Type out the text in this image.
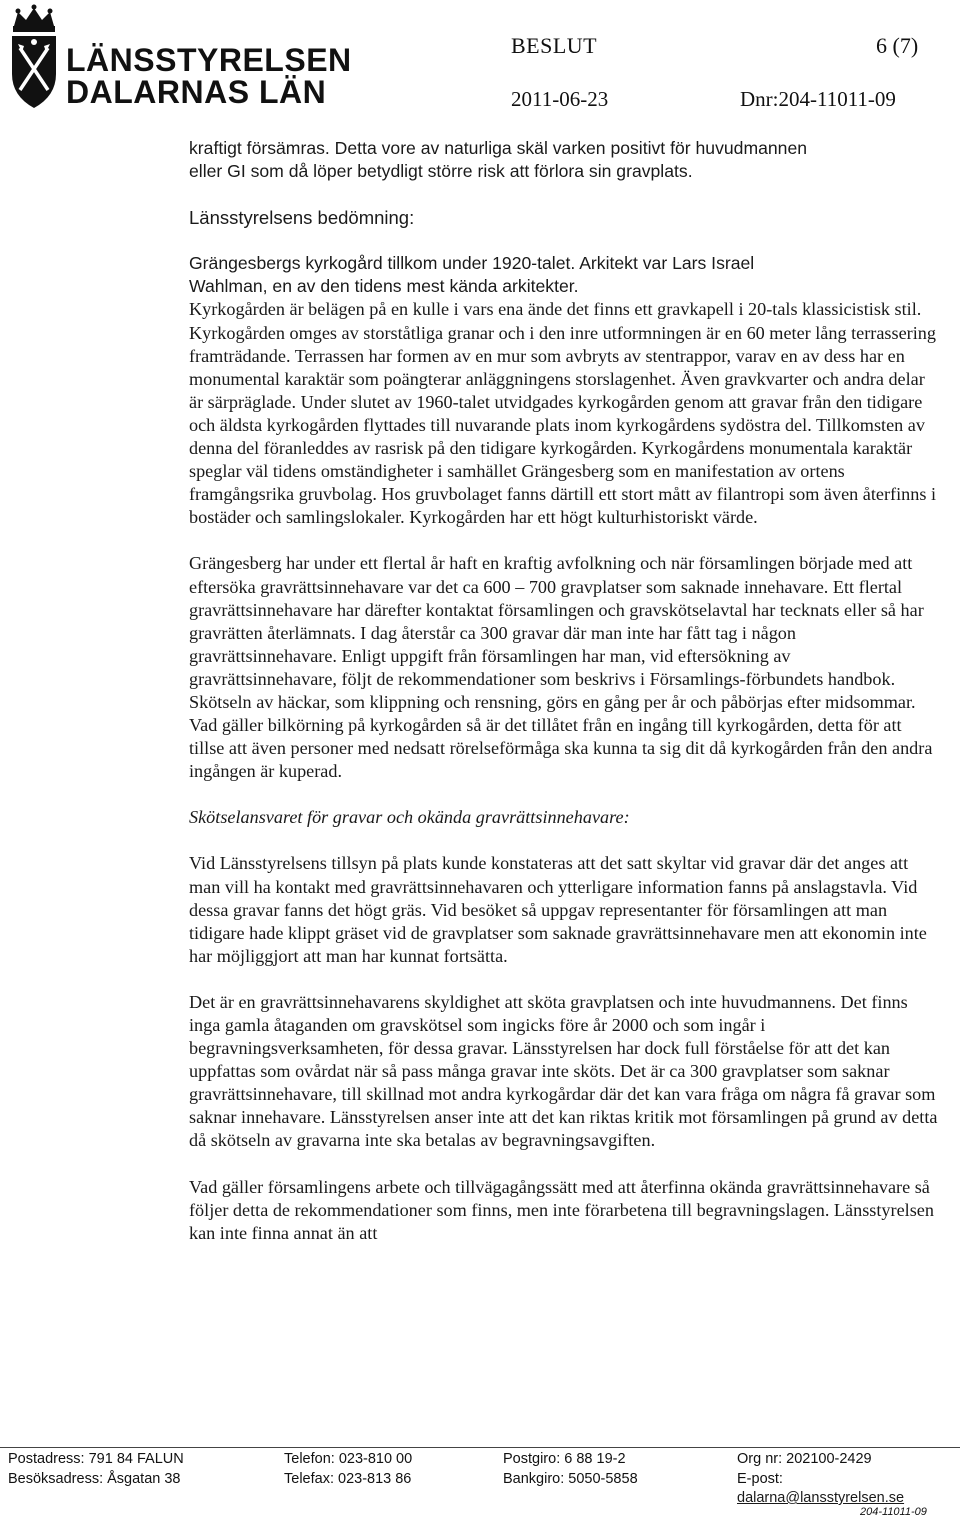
LÄNSSTYRELSEN
DALARNAS LÄN
BESLUT	6 (7)
2011-06-23	Dnr:204-11011-09

kraftigt försämras. Detta vore av naturliga skäl varken positivt för huvudmannen

eller GI som då löper betydligt större risk att förlora sin gravplats.

Länsstyrelsens bedömning:

Grängesbergs kyrkogård tillkom under 1920-talet. Arkitekt var Lars Israel

Wahlman, en av den tidens mest kända arkitekter.

Kyrkogården är belägen på en kulle i vars ena ände det finns ett gravkapell i 20-tals klassicistisk stil. Kyrkogården omges av storståtliga granar och i den inre utformningen är en 60 meter lång terrassering framträdande. Terrassen har formen av en mur som avbryts av stentrappor, varav en av dess har en monumental karaktär som poängterar anläggningens storslagenhet. Även gravkvarter och andra delar är särpräglade. Under slutet av 1960-talet utvidgades kyrkogården genom att gravar från den tidigare och äldsta kyrkogården flyttades till nuvarande plats inom kyrkogårdens sydöstra del. Tillkomsten av denna del föranleddes av rasrisk på den tidigare kyrkogården. Kyrkogårdens monumentala karaktär speglar väl tidens omständigheter i samhället Grängesberg som en manifestation av ortens framgångsrika gruvbolag. Hos gruvbolaget fanns därtill ett stort mått av filantropi som även återfinns i bostäder och samlingslokaler. Kyrkogården har ett högt kulturhistoriskt värde.

Grängesberg har under ett flertal år haft en kraftig avfolkning och när församlingen började med att eftersöka gravrättsinnehavare var det ca 600 – 700 gravplatser som saknade innehavare. Ett flertal gravrättsinnehavare har därefter kontaktat församlingen och gravskötselavtal har tecknats eller så har gravrätten återlämnats. I dag återstår ca 300 gravar där man inte har fått tag i någon gravrättsinnehavare. Enligt uppgift från församlingen har man, vid eftersökning av gravrättsinnehavare, följt de rekommendationer som beskrivs i Församlings-förbundets handbok. Skötseln av häckar, som klippning och rensning, görs en gång per år och påbörjas efter midsommar. Vad gäller bilkörning på kyrkogården så är det tillåtet från en ingång till kyrkogården, detta för att tillse att även personer med nedsatt rörelseförmåga ska kunna ta sig dit då kyrkogården från den andra ingången är kuperad.

Skötselansvaret för gravar och okända gravrättsinnehavare:

Vid Länsstyrelsens tillsyn på plats kunde konstateras att det satt skyltar vid gravar där det anges att man vill ha kontakt med gravrättsinnehavaren och ytterligare information fanns på anslagstavla. Vid dessa gravar fanns det högt gräs. Vid besöket så uppgav representanter för församlingen att man tidigare hade klippt gräset vid de gravplatser som saknade gravrättsinnehavare men att ekonomin inte har möjliggjort att man har kunnat fortsätta.

Det är en gravrättsinnehavarens skyldighet att sköta gravplatsen och inte huvudmannens. Det finns inga gamla åtaganden om gravskötsel som ingicks före år 2000 och som ingår i begravningsverksamheten, för dessa gravar. Länsstyrelsen har dock full förståelse för att det kan uppfattas som ovårdat när så pass många gravar inte sköts. Det är ca 300 gravplatser som saknar gravrättsinnehavare, till skillnad mot andra kyrkogårdar där det kan vara fråga om några få gravar som saknar innehavare. Länsstyrelsen anser inte att det kan riktas kritik mot församlingen på grund av detta då skötseln av gravarna inte ska betalas av begravningsavgiften.

Vad gäller församlingens arbete och tillvägagångssätt med att återfinna okända gravrättsinnehavare så följer detta de rekommendationer som finns, men inte förarbetena till begravningslagen. Länsstyrelsen kan inte finna annat än att

Postadress: 791 84 FALUN
Besöksadress: Åsgatan 38
Telefon: 023-810 00
Telefax: 023-813 86
Postgiro: 6 88 19-2
Bankgiro: 5050-5858
Org nr: 202100-2429
E-post:
dalarna@lansstyrelsen.se
204-11011-09
